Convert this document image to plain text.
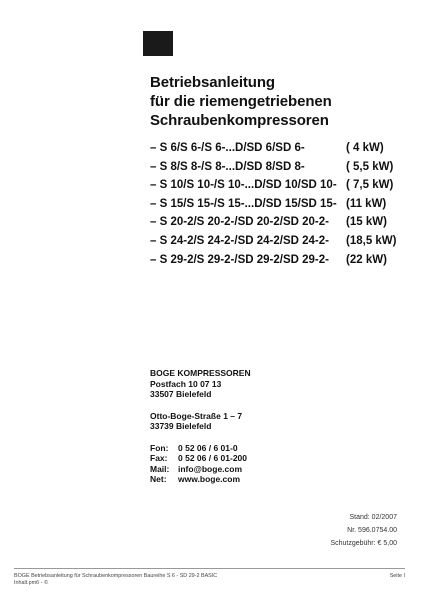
Betriebsanleitung
für die riemengetriebenen
Schraubenkompressoren
– S 6/S 6-/S 6-...D/SD 6/SD 6-	( 4 kW)
– S 8/S 8-/S 8-...D/SD 8/SD 8-	( 5,5 kW)
– S 10/S 10-/S 10-...D/SD 10/SD 10- ( 7,5 kW)
– S 15/S 15-/S 15-...D/SD 15/SD 15- (11 kW)
– S 20-2/S 20-2-/SD 20-2/SD 20-2- (15 kW)
– S 24-2/S 24-2-/SD 24-2/SD 24-2- (18,5 kW)
– S 29-2/S 29-2-/SD 29-2/SD 29-2- (22 kW)
BOGE KOMPRESSOREN
Postfach 10 07 13
33507 Bielefeld
Otto-Boge-Straße 1 – 7
33739 Bielefeld
Fon:	0 52 06 / 6 01-0
Fax:	0 52 06 / 6 01-200
Mail:	info@boge.com
Net:	www.boge.com
Stand: 02/2007
Nr. 596.0754.00
Schutzgebühr: € 5,00
BOGE Betriebsanleitung für Schraubenkompressoren Baureihe S 6 - SD 29-2 BASIC
Inhalt.pm6 - ©
Seite I
